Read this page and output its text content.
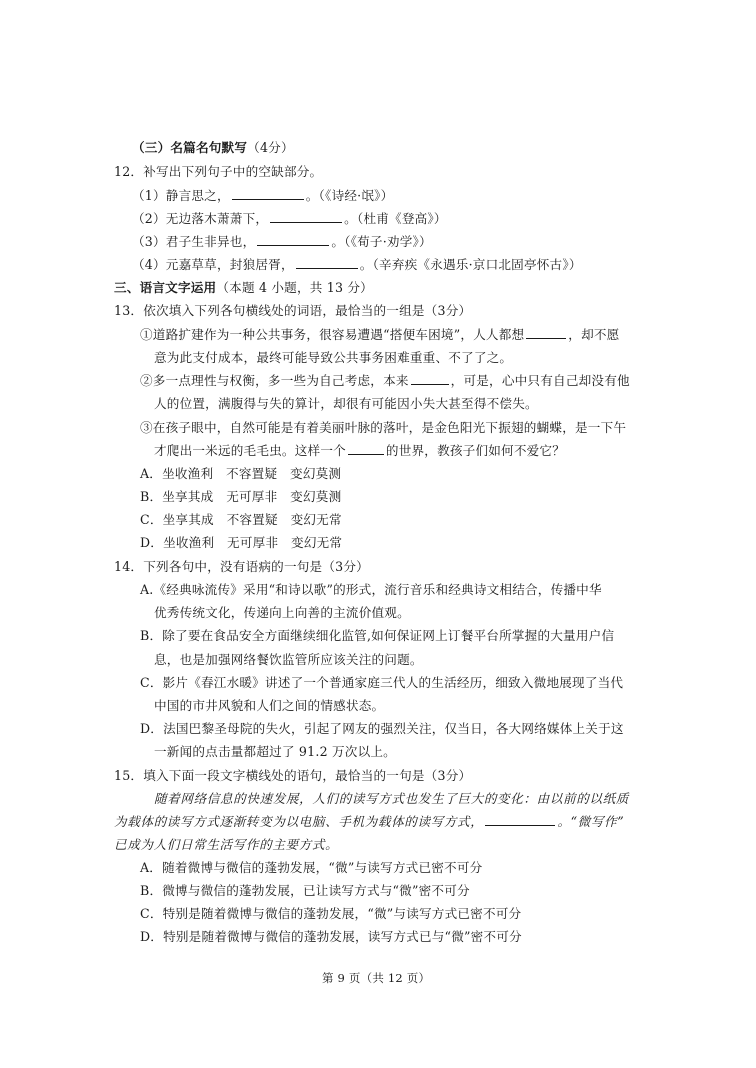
（三）名篇名句默写（4分）
12．补写出下列句子中的空缺部分。
（1）静言思之，	。（《诗经·氓》）
（2）无边落木萧萧下，	。（杜甫《登高》）
（3）君子生非异也，	。（《荀子·劝学》）
（4）元嘉草草，封狼居胥，	。（辛弃疾《永遇乐·京口北固亭怀古》）
三、语言文字运用（本题 4 小题，共 13 分）
13．依次填入下列各句横线处的词语，最恰当的一组是（3分）
①道路扩建作为一种公共事务，很容易遭遇“搭便车困境”，人人都想	，却不愿
意为此支付成本，最终可能导致公共事务困难重重、不了了之。
②多一点理性与权衡，多一些为自己考虑，本来	，可是，心中只有自己却没有他
人的位置，满腹得与失的算计，却很有可能因小失大甚至得不偿失。
③在孩子眼中，自然可能是有着美丽叶脉的落叶，是金色阳光下振翅的蝴蝶，是一下午
才爬出一米远的毛毛虫。这样一个	的世界，教孩子们如何不爱它？
A．坐收渔利　不容置疑　变幻莫测
B．坐享其成　无可厚非　变幻莫测
C．坐享其成　不容置疑　变幻无常
D．坐收渔利　无可厚非　变幻无常
14．下列各句中，没有语病的一句是（3分）
A.《经典咏流传》采用“和诗以歌”的形式，流行音乐和经典诗文相结合，传播中华
优秀传统文化，传递向上向善的主流价值观。
B．除了要在食品安全方面继续细化监管,如何保证网上订餐平台所掌握的大量用户信
息，也是加强网络餐饮监管所应该关注的问题。
C．影片《春江水暖》讲述了一个普通家庭三代人的生活经历，细致入微地展现了当代
中国的市井风貌和人们之间的情感状态。
D．法国巴黎圣母院的失火，引起了网友的强烈关注，仅当日，各大网络媒体上关于这
一新闻的点击量都超过了 91.2 万次以上。
15．填入下面一段文字横线处的语句，最恰当的一句是（3分）
随着网络信息的快速发展，人们的读写方式也发生了巨大的变化：由以前的以纸质
为载体的读写方式逐渐转变为以电脑、手机为载体的读写方式，	。“微写作”
已成为人们日常生活写作的主要方式。
A．随着微博与微信的蓬勃发展，“微”与读写方式已密不可分
B．微博与微信的蓬勃发展，已让读写方式与“微”密不可分
C．特别是随着微博与微信的蓬勃发展，“微”与读写方式已密不可分
D．特别是随着微博与微信的蓬勃发展，读写方式已与“微”密不可分
第 9 页（共 12 页）
